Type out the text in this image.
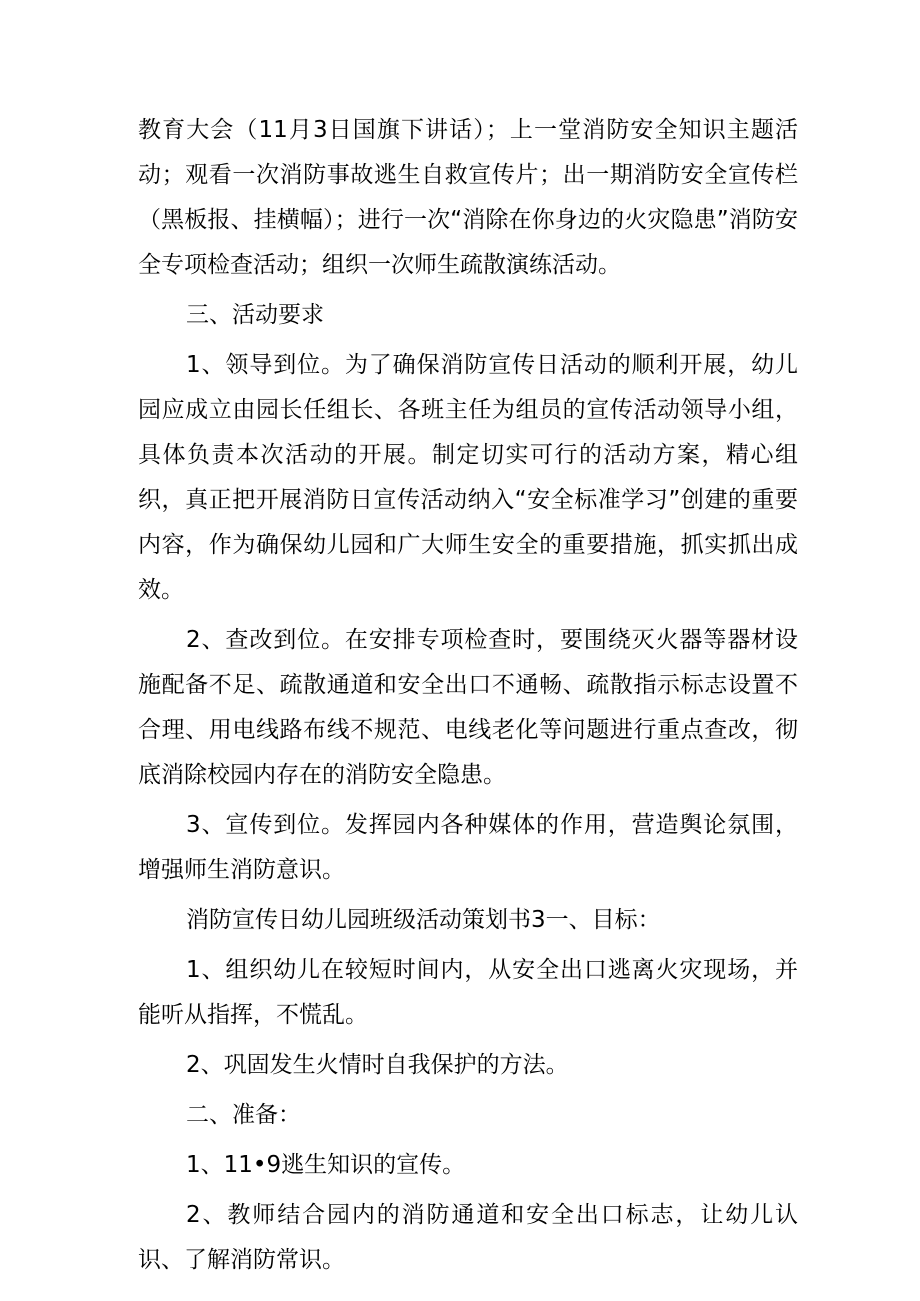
教育大会（11月3日国旗下讲话）；上一堂消防安全知识主题活动；观看一次消防事故逃生自救宣传片；出一期消防安全宣传栏（黑板报、挂横幅）；进行一次“消除在你身边的火灾隐患”消防安全专项检查活动；组织一次师生疏散演练活动。

三、活动要求

1、领导到位。为了确保消防宣传日活动的顺利开展，幼儿园应成立由园长任组长、各班主任为组员的宣传活动领导小组，具体负责本次活动的开展。制定切实可行的活动方案，精心组织，真正把开展消防日宣传活动纳入“安全标准学习”创建的重要内容，作为确保幼儿园和广大师生安全的重要措施，抓实抓出成效。

2、查改到位。在安排专项检查时，要围绕灭火器等器材设施配备不足、疏散通道和安全出口不通畅、疏散指示标志设置不合理、用电线路布线不规范、电线老化等问题进行重点查改，彻底消除校园内存在的消防安全隐患。

3、宣传到位。发挥园内各种媒体的作用，营造舆论氛围，增强师生消防意识。

消防宣传日幼儿园班级活动策划书3一、目标：

1、组织幼儿在较短时间内，从安全出口逃离火灾现场，并能听从指挥，不慌乱。

2、巩固发生火情时自我保护的方法。

二、准备：

1、11•9逃生知识的宣传。

2、教师结合园内的消防通道和安全出口标志，让幼儿认识、了解消防常识。
